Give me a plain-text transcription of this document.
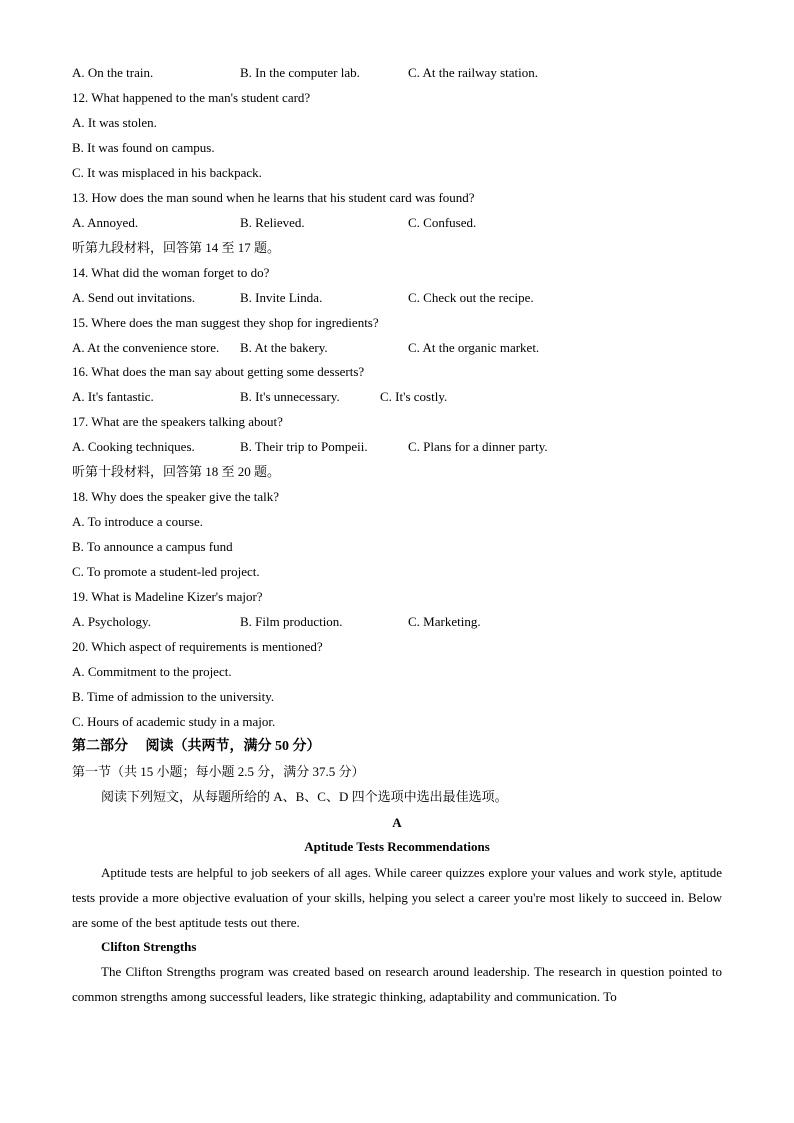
A. On the train.	B. In the computer lab.	C. At the railway station.
12. What happened to the man's student card?
A. It was stolen.
B. It was found on campus.
C. It was misplaced in his backpack.
13. How does the man sound when he learns that his student card was found?
A. Annoyed.	B. Relieved.	C. Confused.
听第九段材料，回答第 14 至 17 题。
14. What did the woman forget to do?
A. Send out invitations.	B. Invite Linda.	C. Check out the recipe.
15. Where does the man suggest they shop for ingredients?
A. At the convenience store. B. At the bakery.	C. At the organic market.
16. What does the man say about getting some desserts?
A. It's fantastic.	B. It's unnecessary.	C. It's costly.
17. What are the speakers talking about?
A. Cooking techniques.	B. Their trip to Pompeii.	C. Plans for a dinner party.
听第十段材料，回答第 18 至 20 题。
18. Why does the speaker give the talk?
A. To introduce a course.
B. To announce a campus fund
C. To promote a student-led project.
19. What is Madeline Kizer's major?
A. Psychology.	B. Film production.	C. Marketing.
20. Which aspect of requirements is mentioned?
A. Commitment to the project.
B. Time of admission to the university.
C. Hours of academic study in a major.
第二部分　 阅读（共两节，满分 50 分）
第一节（共 15 小题；每小题 2.5 分，满分 37.5 分）
阅读下列短文，从每题所给的 A、B、C、D 四个选项中选出最佳选项。
A
Aptitude Tests Recommendations
Aptitude tests are helpful to job seekers of all ages. While career quizzes explore your values and work style, aptitude tests provide a more objective evaluation of your skills, helping you select a career you're most likely to succeed in. Below are some of the best aptitude tests out there.
Clifton Strengths
The Clifton Strengths program was created based on research around leadership. The research in question pointed to common strengths among successful leaders, like strategic thinking, adaptability and communication. To
